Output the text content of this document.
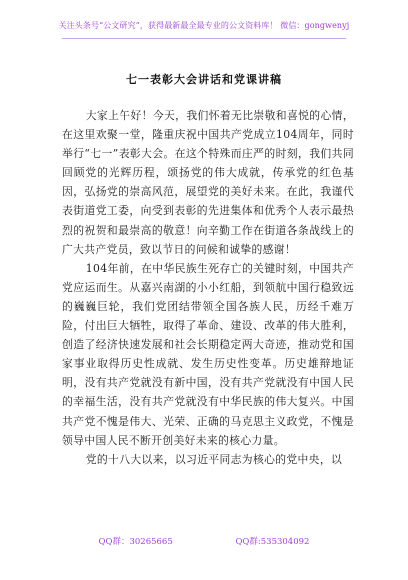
关注头条号“公文研究”，获得最新最全最专业的公文资料库！ 微信：gongwenyj
七一表彰大会讲话和党课讲稿

大家上午好！今天，我们怀着无比崇敬和喜悦的心情，在这里欢聚一堂，隆重庆祝中国共产党成立104周年，同时举行“七一”表彰大会。在这个特殊而庄严的时刻，我们共同回顾党的光辉历程，颂扬党的伟大成就，传承党的红色基因，弘扬党的崇高风范，展望党的美好未来。在此，我谨代表街道党工委，向受到表彰的先进集体和优秀个人表示最热烈的祝贺和最崇高的敬意！向辛勤工作在街道各条战线上的广大共产党员，致以节日的问候和诚挚的感谢！

104年前，在中华民族生死存亡的关键时刻，中国共产党应运而生。从嘉兴南湖的小小红船，到领航中国行稳致远的巍巍巨轮，我们党团结带领全国各族人民，历经千难万险，付出巨大牺牲，取得了革命、建设、改革的伟大胜利，创造了经济快速发展和社会长期稳定两大奇迹，推动党和国家事业取得历史性成就、发生历史性变革。历史雄辩地证明，没有共产党就没有新中国，没有共产党就没有中国人民的幸福生活，没有共产党就没有中华民族的伟大复兴。中国共产党不愧是伟大、光荣、正确的马克思主义政党，不愧是领导中国人民不断开创美好未来的核心力量。

党的十八大以来，以习近平同志为核心的党中央，以

QQ群：30265665	QQ群:535304092
